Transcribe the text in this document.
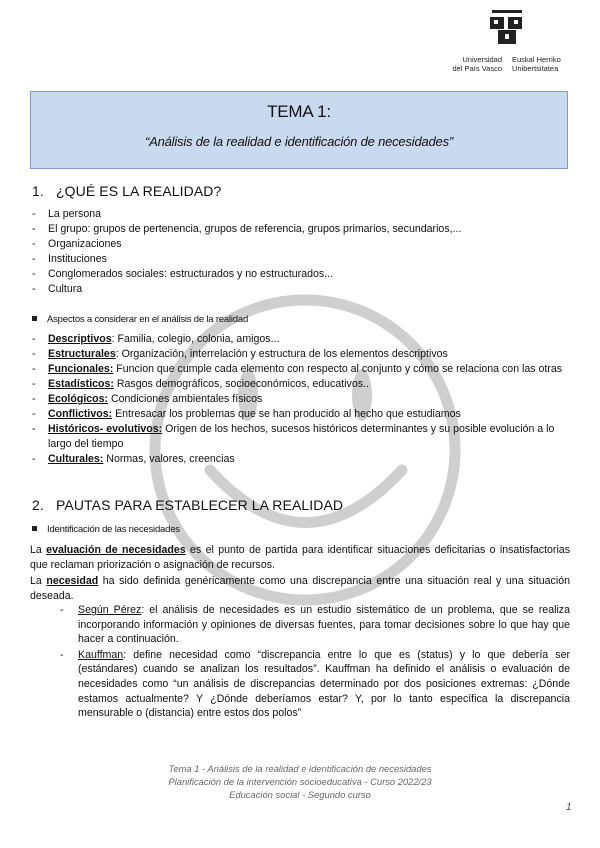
Universidad
del País Vasco
Euskal Herriko
Unibertsitatea
TEMA 1:
“Análisis de la realidad e identificación de necesidades”
1. ¿QUÉ ES LA REALIDAD?
- La persona
- El grupo: grupos de pertenencia, grupos de referencia, grupos primarios, secundarios,...
- Organizaciones
- Instituciones
- Conglomerados sociales: estructurados y no estructurados...
- Cultura
Aspectos a considerar en el análisis de la realidad
- Descriptivos: Familia, colegio, colonia, amigos...
- Estructurales: Organización, interrelación y estructura de los elementos descriptivos
- Funcionales: Funcion que cumple cada elemento con respecto al conjunto y cómo se relaciona con las otras
- Estadísticos: Rasgos demográficos, socioeconómicos, educativos..
- Ecológicos: Condiciones ambientales físicos
- Conflictivos: Entresacar los problemas que se han producido al hecho que estudiamos
- Históricos- evolutivos: Origen de los hechos, sucesos históricos determinantes y su posible evolución a lo largo del tiempo
- Culturales: Normas, valores, creencias
2. PAUTAS PARA ESTABLECER LA REALIDAD
Identificación de las necesidades
La evaluación de necesidades es el punto de partida para identificar situaciones deficitarias o insatisfactorias que reclaman priorización o asignación de recursos.
La necesidad ha sido definida genéricamente como una discrepancia entre una situación real y una situación deseada.
- Según Pérez: el análisis de necesidades es un estudio sistemático de un problema, que se realiza incorporando información y opiniones de diversas fuentes, para tomar decisiones sobre lo que hay que hacer a continuación.
- Kauffman: define necesidad como “discrepancia entre lo que es (status) y lo que debería ser (estándares) cuando se analizan los resultados”. Kauffman ha definido el análisis o evaluación de necesidades como “un análisis de discrepancias determinado por dos posiciones extremas: ¿Dónde estamos actualmente? Y ¿Dónde deberíamos estar? Y, por lo tanto específica la discrepancia mensurable o (distancia) entre estos dos polos”
Tema 1 - Análisis de la realidad e identificación de necesidades
Planificación de la intervención socioeducativa - Curso 2022/23
Educación social - Segundo curso
1
